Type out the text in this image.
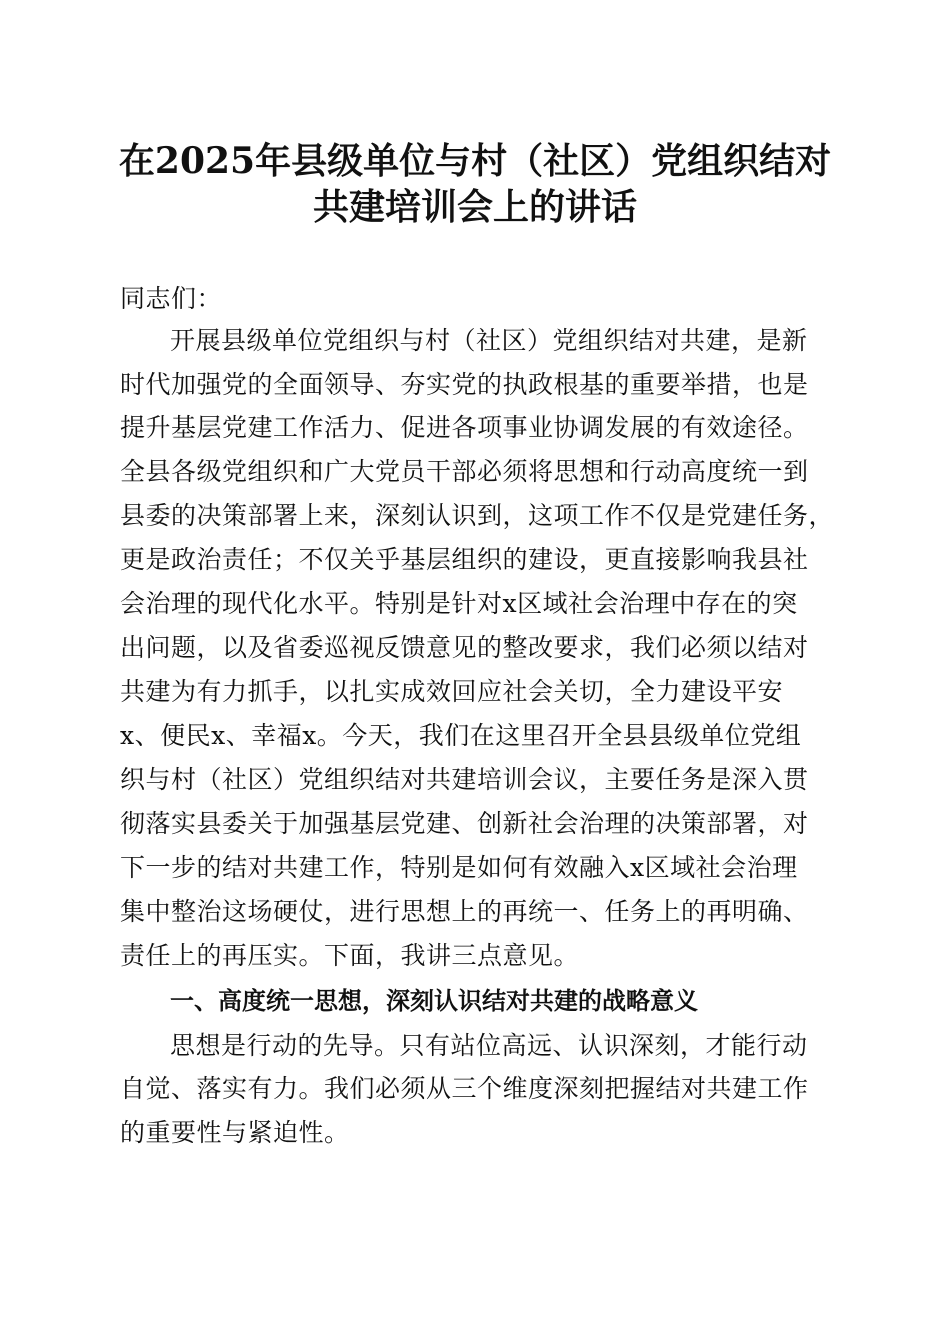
在2025年县级单位与村（社区）党组织结对
共建培训会上的讲话

同志们：

开展县级单位党组织与村（社区）党组织结对共建，是新

时代加强党的全面领导、夯实党的执政根基的重要举措，也是

提升基层党建工作活力、促进各项事业协调发展的有效途径。

全县各级党组织和广大党员干部必须将思想和行动高度统一到

县委的决策部署上来，深刻认识到，这项工作不仅是党建任务，

更是政治责任；不仅关乎基层组织的建设，更直接影响我县社

会治理的现代化水平。特别是针对x区域社会治理中存在的突

出问题，以及省委巡视反馈意见的整改要求，我们必须以结对

共建为有力抓手，以扎实成效回应社会关切，全力建设平安

x、便民x、幸福x。今天，我们在这里召开全县县级单位党组

织与村（社区）党组织结对共建培训会议，主要任务是深入贯

彻落实县委关于加强基层党建、创新社会治理的决策部署，对

下一步的结对共建工作，特别是如何有效融入x区域社会治理

集中整治这场硬仗，进行思想上的再统一、任务上的再明确、

责任上的再压实。下面，我讲三点意见。

一、高度统一思想，深刻认识结对共建的战略意义

思想是行动的先导。只有站位高远、认识深刻，才能行动

自觉、落实有力。我们必须从三个维度深刻把握结对共建工作

的重要性与紧迫性。
